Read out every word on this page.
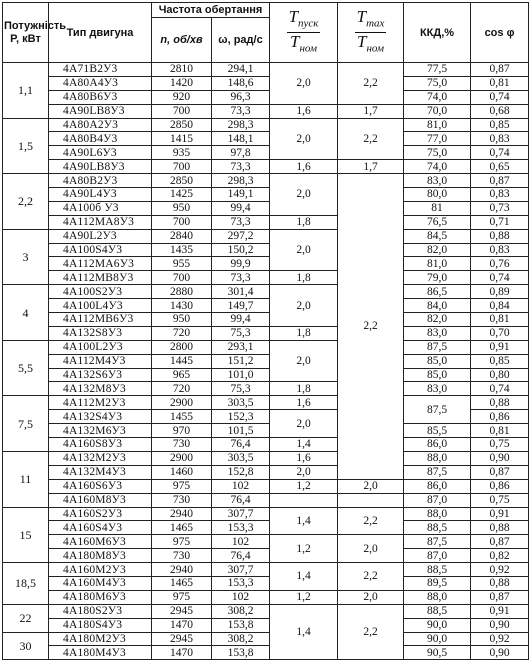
Потужність P, кВт	Тип двигуна	Частота обертання		$\frac{T_{пуск}}{T_{ном}}$	$\frac{T_{max}}{T_{ном}}$	ККД,%	cos φ
		n, об/хв	ω, рад/с				
1,1	4А71В2У3	2810	294,1	2,0	2,2	77,5	0,87
	4А80А4У3	1420	148,6			75,0	0,81
	4А80В6У3	920	96,3			74,0	0,74
	4А90LВ8У3	700	73,3	1,6	1,7	70,0	0,68
1,5	4А80А2У3	2850	298,3	2,0	2,2	81,0	0,85
	4А80В4У3	1415	148,1			77,0	0,83
	4А90L6У3	935	97,8			75,0	0,74
	4А90LВ8У3	700	73,3	1,6	1,7	74,0	0,65
2,2	4А80В2У3	2850	298,3	2,0	2,2	83,0	0,87
	4А90L4У3	1425	149,1			80,0	0,83
	4А100б У3	950	99,4			81	0,73
	4А112МА8У3	700	73,3	1,8		76,5	0,71
3	4А90L2У3	2840	297,2	2,0		84,5	0,88
	4А100S4У3	1435	150,2			82,0	0,83
	4А112МА6У3	955	99,9			81,0	0,76
	4А112МВ8У3	700	73,3	1,8		79,0	0,74
4	4А100S2У3	2880	301,4	2,0		86,5	0,89
	4А100L4У3	1430	149,7			84,0	0,84
	4А112МВ6У3	950	99,4			82,0	0,81
	4А132S8У3	720	75,3	1,8		83,0	0,70
5,5	4А100L2У3	2800	293,1	2,0		87,5	0,91
	4А112М4У3	1445	151,2			85,0	0,85
	4А132S6У3	965	101,0			85,0	0,80
	4А132М8У3	720	75,3	1,8		83,0	0,74
7,5	4А112М2У3	2900	303,5	1,6		87,5	0,88
	4А132S4У3	1455	152,3	2,0			0,86
	4А132М6У3	970	101,5			85,5	0,81
	4А160S8У3	730	76,4	1,4		86,0	0,75
11	4А132М2У3	2900	303,5	1,6		88,0	0,90
	4А132М4У3	1460	152,8	2,0		87,5	0,87
	4А160S6У3	975	102	1,2	2,0	86,0	0,86
	4А160М8У3	730	76,4			87,0	0,75
15	4А160S2У3	2940	307,7	1,4	2,2	88,0	0,91
	4А160S4У3	1465	153,3			88,5	0,88
	4А160М6У3	975	102	1,2	2,0	87,5	0,87
	4А180М8У3	730	76,4			87,0	0,82
18,5	4А160М2У3	2940	307,7	1,4	2,2	88,5	0,92
	4А160М4У3	1465	153,3			89,5	0,88
	4А180М6У3	975	102	1,2	2,0	88,0	0,87
22	4А180S2У3	2945	308,2	1,4	2,2	88,5	0,91
	4А180S4У3	1470	153,8			90,0	0,90
30	4А180М2У3	2945	308,2			90,0	0,92
	4А180М4У3	1470	153,8			90,5	0,90
